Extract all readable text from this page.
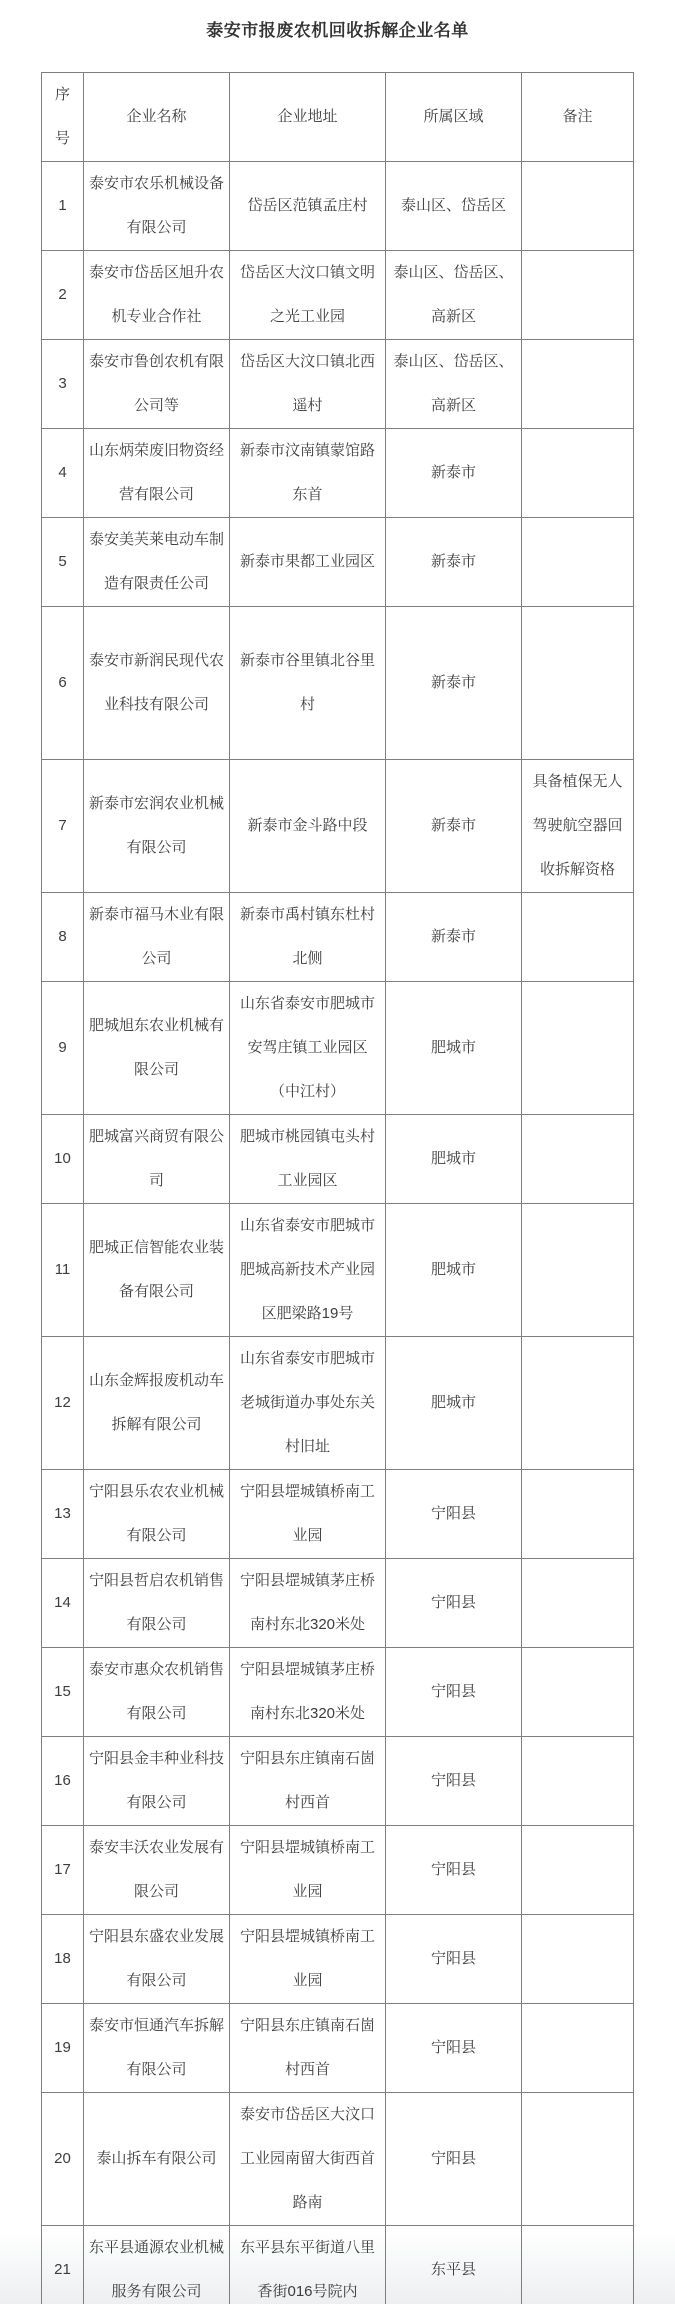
泰安市报废农机回收拆解企业名单
序号	企业名称	企业地址	所属区域	备注
1	泰安市农乐机械设备有限公司	岱岳区范镇孟庄村	泰山区、岱岳区	
2	泰安市岱岳区旭升农机专业合作社	岱岳区大汶口镇文明之光工业园	泰山区、岱岳区、高新区	
3	泰安市鲁创农机有限公司等	岱岳区大汶口镇北西遥村	泰山区、岱岳区、高新区	
4	山东炳荣废旧物资经营有限公司	新泰市汶南镇蒙馆路东首	新泰市	
5	泰安美芙莱电动车制造有限责任公司	新泰市果都工业园区	新泰市	
6	泰安市新润民现代农业科技有限公司	新泰市谷里镇北谷里村	新泰市	
7	新泰市宏润农业机械有限公司	新泰市金斗路中段	新泰市	具备植保无人驾驶航空器回收拆解资格
8	新泰市福马木业有限公司	新泰市禹村镇东杜村北侧	新泰市	
9	肥城旭东农业机械有限公司	山东省泰安市肥城市安驾庄镇工业园区（中江村）	肥城市	
10	肥城富兴商贸有限公司	肥城市桃园镇屯头村工业园区	肥城市	
11	肥城正信智能农业装备有限公司	山东省泰安市肥城市肥城高新技术产业园区肥梁路19号	肥城市	
12	山东金辉报废机动车拆解有限公司	山东省泰安市肥城市老城街道办事处东关村旧址	肥城市	
13	宁阳县乐农农业机械有限公司	宁阳县堽城镇桥南工业园	宁阳县	
14	宁阳县哲启农机销售有限公司	宁阳县堽城镇茅庄桥南村东北320米处	宁阳县	
15	泰安市惠众农机销售有限公司	宁阳县堽城镇茅庄桥南村东北320米处	宁阳县	
16	宁阳县金丰种业科技有限公司	宁阳县东庄镇南石崮村西首	宁阳县	
17	泰安丰沃农业发展有限公司	宁阳县堽城镇桥南工业园	宁阳县	
18	宁阳县东盛农业发展有限公司	宁阳县堽城镇桥南工业园	宁阳县	
19	泰安市恒通汽车拆解有限公司	宁阳县东庄镇南石崮村西首	宁阳县	
20	泰山拆车有限公司	泰安市岱岳区大汶口工业园南留大街西首路南	宁阳县	
21	东平县通源农业机械服务有限公司	东平县东平街道八里香街016号院内	东平县	
